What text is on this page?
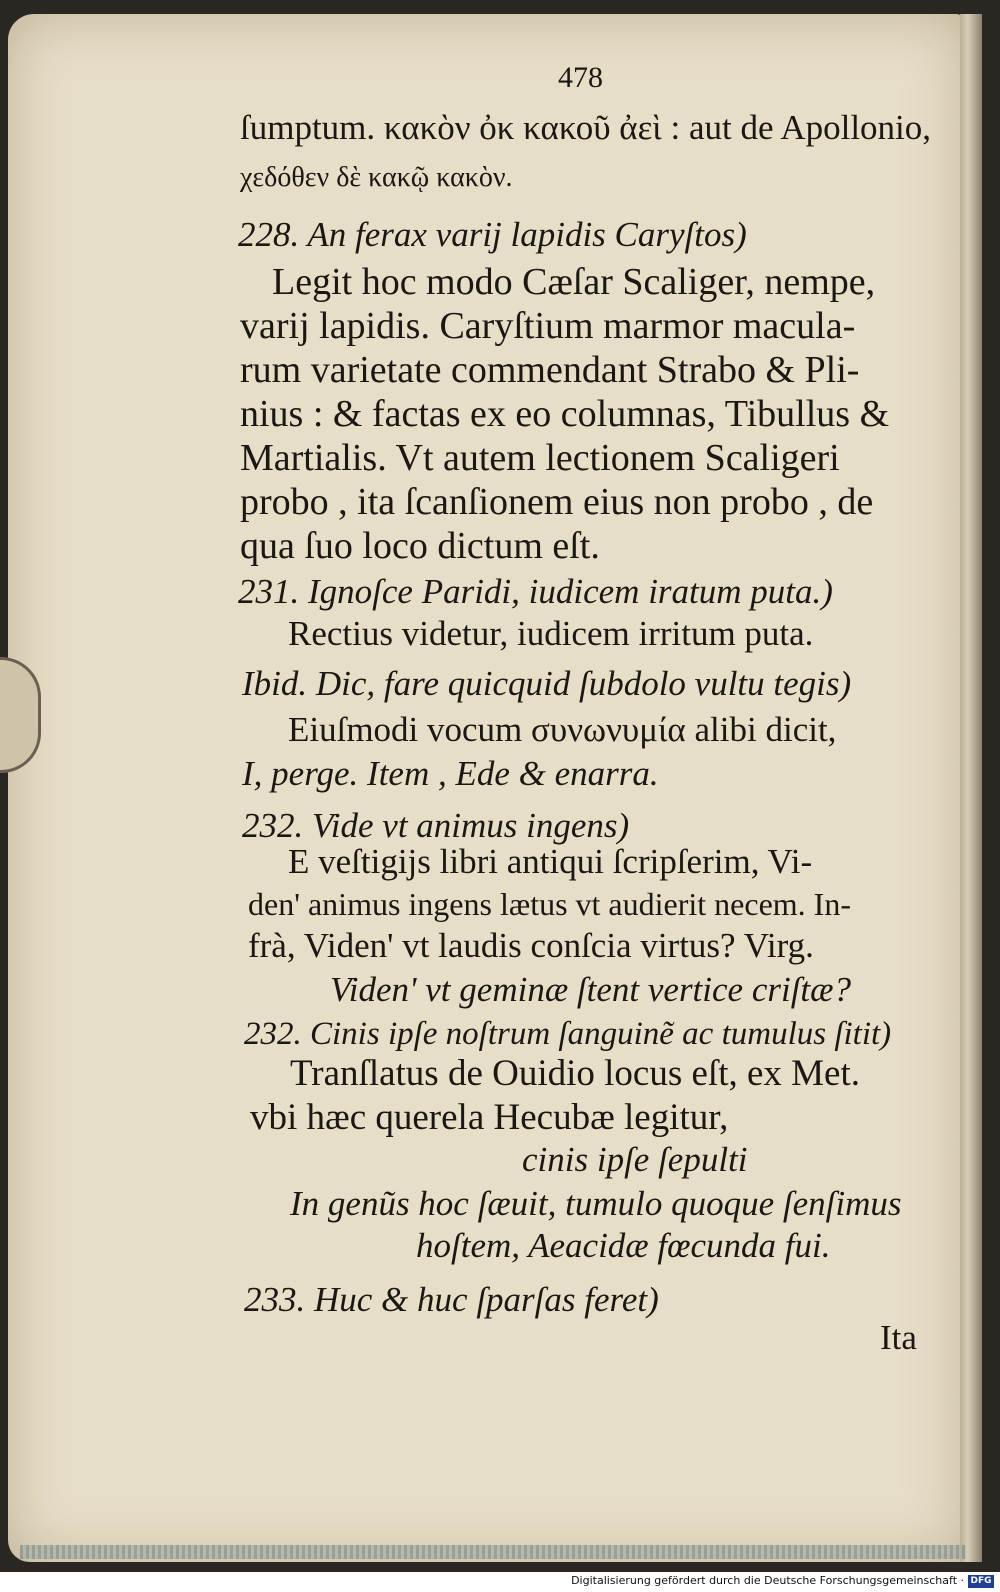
478
ſumptum. κακὸν ὀκ κακοῦ ἀεὶ : aut de Apollonio,
χεδόθεν δὲ κακῷ κακὸν.
228. An ferax varij lapidis Caryſtos)
Legit hoc modo Cæſar Scaliger, nempe,
varij lapidis. Caryſtium marmor macula-
rum varietate commendant Strabo & Pli-
nius : & factas ex eo columnas, Tibullus &
Martialis. Vt autem lectionem Scaligeri
probo , ita ſcanſionem eius non probo , de
qua ſuo loco dictum eſt.
231. Ignoſce Paridi, iudicem iratum puta.)
Rectius videtur, iudicem irritum puta.
Ibid. Dic, fare quicquid ſubdolo vultu tegis)
Eiuſmodi vocum συνωνυμία alibi dicit,
I, perge. Item , Ede & enarra.
232. Vide vt animus ingens)
E veſtigijs libri antiqui ſcripſerim, Vi-
den' animus ingens lætus vt audierit necem. In-
frà, Viden' vt laudis conſcia virtus? Virg.
Viden' vt geminæ ſtent vertice criſtæ?
232. Cinis ipſe noſtrum ſanguinẽ ac tumulus ſitit)
Tranſlatus de Ouidio locus eſt, ex Met.
vbi hæc querela Hecubæ legitur,
cinis ipſe ſepulti
In genũs hoc ſæuit, tumulo quoque ſenſimus
hoſtem, Aeacidæ fœcunda fui.
233. Huc & huc ſparſas feret)
Ita
Digitalisierung gefördert durch die Deutsche Forschungsgemeinschaft · DFG
